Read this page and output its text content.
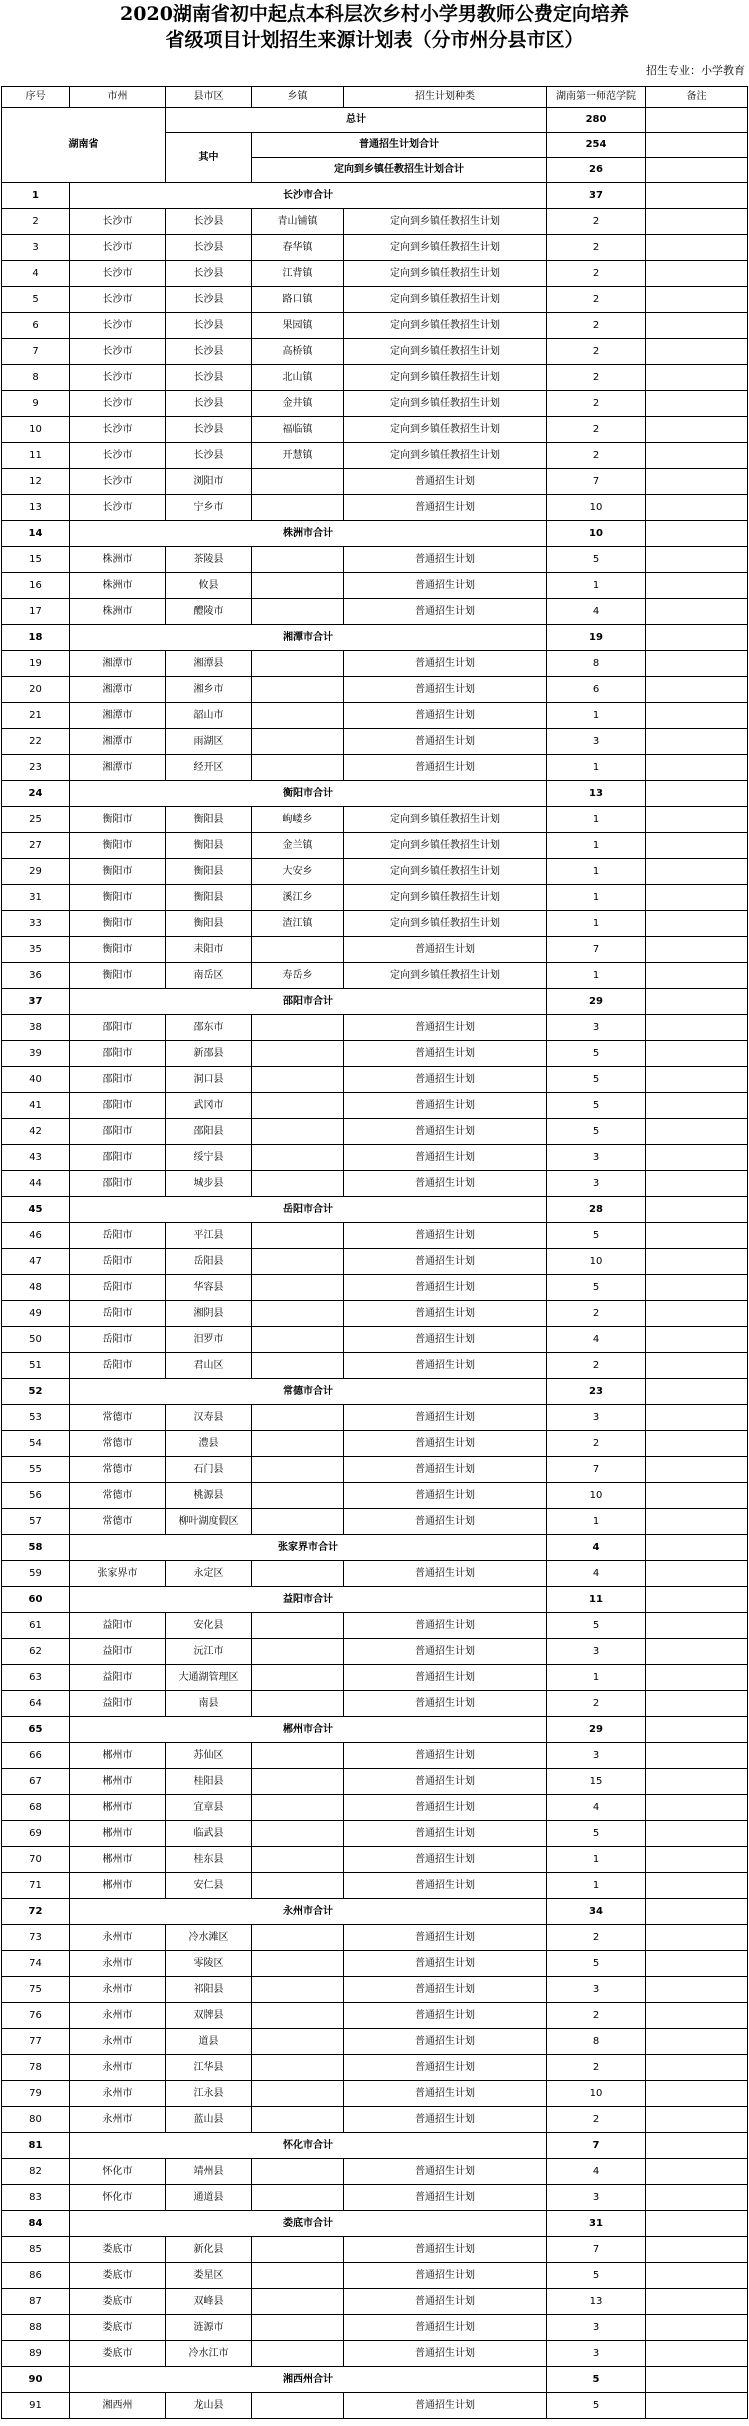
2020湖南省初中起点本科层次乡村小学男教师公费定向培养
省级项目计划招生来源计划表（分市州分县市区）
招生专业：小学教育
序号	市州	县市区	乡镇	招生计划种类	湖南第一师范学院	备注
湖南省		总计			280	
		其中	普通招生计划合计		254	
			定向到乡镇任教招生计划合计		26	
1	长沙市合计				37	
2	长沙市	长沙县	青山铺镇	定向到乡镇任教招生计划	2	
3	长沙市	长沙县	春华镇	定向到乡镇任教招生计划	2	
4	长沙市	长沙县	江背镇	定向到乡镇任教招生计划	2	
5	长沙市	长沙县	路口镇	定向到乡镇任教招生计划	2	
6	长沙市	长沙县	果园镇	定向到乡镇任教招生计划	2	
7	长沙市	长沙县	高桥镇	定向到乡镇任教招生计划	2	
8	长沙市	长沙县	北山镇	定向到乡镇任教招生计划	2	
9	长沙市	长沙县	金井镇	定向到乡镇任教招生计划	2	
10	长沙市	长沙县	福临镇	定向到乡镇任教招生计划	2	
11	长沙市	长沙县	开慧镇	定向到乡镇任教招生计划	2	
12	长沙市	浏阳市		普通招生计划	7	
13	长沙市	宁乡市		普通招生计划	10	
14	株洲市合计				10	
15	株洲市	茶陵县		普通招生计划	5	
16	株洲市	攸县		普通招生计划	1	
17	株洲市	醴陵市		普通招生计划	4	
18	湘潭市合计				19	
19	湘潭市	湘潭县		普通招生计划	8	
20	湘潭市	湘乡市		普通招生计划	6	
21	湘潭市	韶山市		普通招生计划	1	
22	湘潭市	雨湖区		普通招生计划	3	
23	湘潭市	经开区		普通招生计划	1	
24	衡阳市合计				13	
25	衡阳市	衡阳县	岣嵝乡	定向到乡镇任教招生计划	1	
27	衡阳市	衡阳县	金兰镇	定向到乡镇任教招生计划	1	
29	衡阳市	衡阳县	大安乡	定向到乡镇任教招生计划	1	
31	衡阳市	衡阳县	溪江乡	定向到乡镇任教招生计划	1	
33	衡阳市	衡阳县	渣江镇	定向到乡镇任教招生计划	1	
35	衡阳市	耒阳市		普通招生计划	7	
36	衡阳市	南岳区	寿岳乡	定向到乡镇任教招生计划	1	
37	邵阳市合计				29	
38	邵阳市	邵东市		普通招生计划	3	
39	邵阳市	新邵县		普通招生计划	5	
40	邵阳市	洞口县		普通招生计划	5	
41	邵阳市	武冈市		普通招生计划	5	
42	邵阳市	邵阳县		普通招生计划	5	
43	邵阳市	绥宁县		普通招生计划	3	
44	邵阳市	城步县		普通招生计划	3	
45	岳阳市合计				28	
46	岳阳市	平江县		普通招生计划	5	
47	岳阳市	岳阳县		普通招生计划	10	
48	岳阳市	华容县		普通招生计划	5	
49	岳阳市	湘阴县		普通招生计划	2	
50	岳阳市	汨罗市		普通招生计划	4	
51	岳阳市	君山区		普通招生计划	2	
52	常德市合计				23	
53	常德市	汉寿县		普通招生计划	3	
54	常德市	澧县		普通招生计划	2	
55	常德市	石门县		普通招生计划	7	
56	常德市	桃源县		普通招生计划	10	
57	常德市	柳叶湖度假区		普通招生计划	1	
58	张家界市合计				4	
59	张家界市	永定区		普通招生计划	4	
60	益阳市合计				11	
61	益阳市	安化县		普通招生计划	5	
62	益阳市	沅江市		普通招生计划	3	
63	益阳市	大通湖管理区		普通招生计划	1	
64	益阳市	南县		普通招生计划	2	
65	郴州市合计				29	
66	郴州市	苏仙区		普通招生计划	3	
67	郴州市	桂阳县		普通招生计划	15	
68	郴州市	宜章县		普通招生计划	4	
69	郴州市	临武县		普通招生计划	5	
70	郴州市	桂东县		普通招生计划	1	
71	郴州市	安仁县		普通招生计划	1	
72	永州市合计				34	
73	永州市	冷水滩区		普通招生计划	2	
74	永州市	零陵区		普通招生计划	5	
75	永州市	祁阳县		普通招生计划	3	
76	永州市	双牌县		普通招生计划	2	
77	永州市	道县		普通招生计划	8	
78	永州市	江华县		普通招生计划	2	
79	永州市	江永县		普通招生计划	10	
80	永州市	蓝山县		普通招生计划	2	
81	怀化市合计				7	
82	怀化市	靖州县		普通招生计划	4	
83	怀化市	通道县		普通招生计划	3	
84	娄底市合计				31	
85	娄底市	新化县		普通招生计划	7	
86	娄底市	娄星区		普通招生计划	5	
87	娄底市	双峰县		普通招生计划	13	
88	娄底市	涟源市		普通招生计划	3	
89	娄底市	冷水江市		普通招生计划	3	
90	湘西州合计				5	
91	湘西州	龙山县		普通招生计划	5	
